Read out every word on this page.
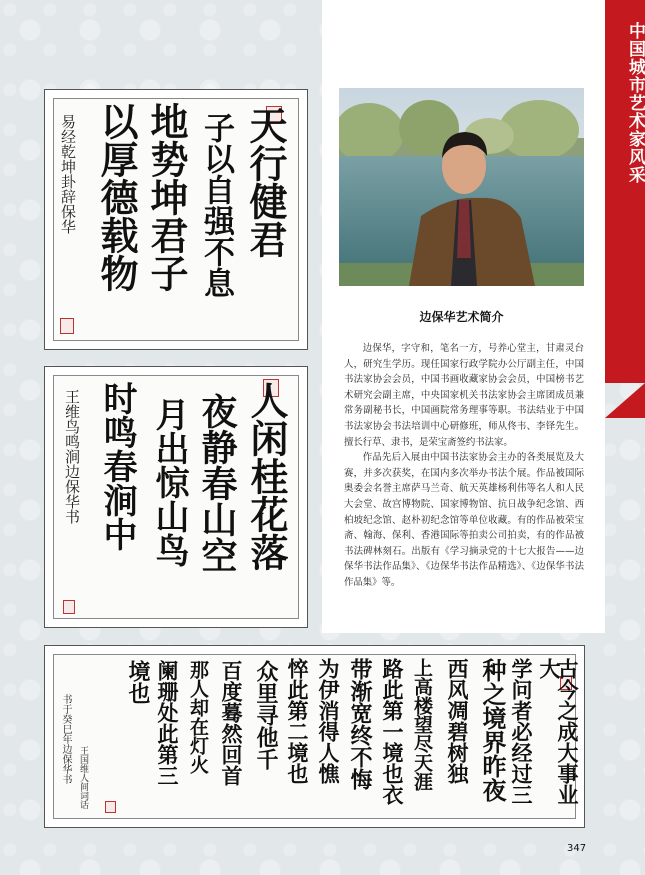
中国城市艺术家风采
边保华艺术简介

边保华，字守和，笔名一方，号养心堂主，甘肃灵台人，研究生学历。现任国家行政学院办公厅副主任，中国书法家协会会员，中国书画收藏家协会会员，中国榜书艺术研究会副主席，中央国家机关书法家协会主席团成员兼常务副秘书长，中国画院常务理事等职。书法结业于中国书法家协会书法培训中心研修班，师从佟韦、李铎先生。擅长行草、隶书，是荣宝斋签约书法家。

作品先后入展由中国书法家协会主办的各类展览及大赛，并多次获奖，在国内多次举办书法个展。作品被国际奥委会名誉主席萨马兰奇、航天英雄杨利伟等名人和人民大会堂、故宫博物院、国家博物馆、抗日战争纪念馆、西柏坡纪念馆、赵朴初纪念馆等单位收藏。有的作品被荣宝斋、翰海、保利、香港国际等拍卖公司拍卖，有的作品被书法碑林刻石。出版有《学习摘录党的十七大报告——边保华书法作品集》、《边保华书法作品精选》、《边保华书法作品集》等。

天行健君
子以自强不息
地势坤君子
以厚德载物
易经乾坤卦辞保华
人闲桂花落
夜静春山空
月出惊山鸟
时鸣春涧中
王维鸟鸣涧边保华书
古今之成大事业大
学问者必经过三
种之境界昨夜
西风凋碧树独
上高楼望尽天涯
路此第一境也衣
带渐宽终不悔
为伊消得人憔
悴此第二境也
众里寻他千
百度蓦然回首
那人却在灯火
阑珊处此第三
境也
书于癸巳年边保华书 王国维人间词话
347
